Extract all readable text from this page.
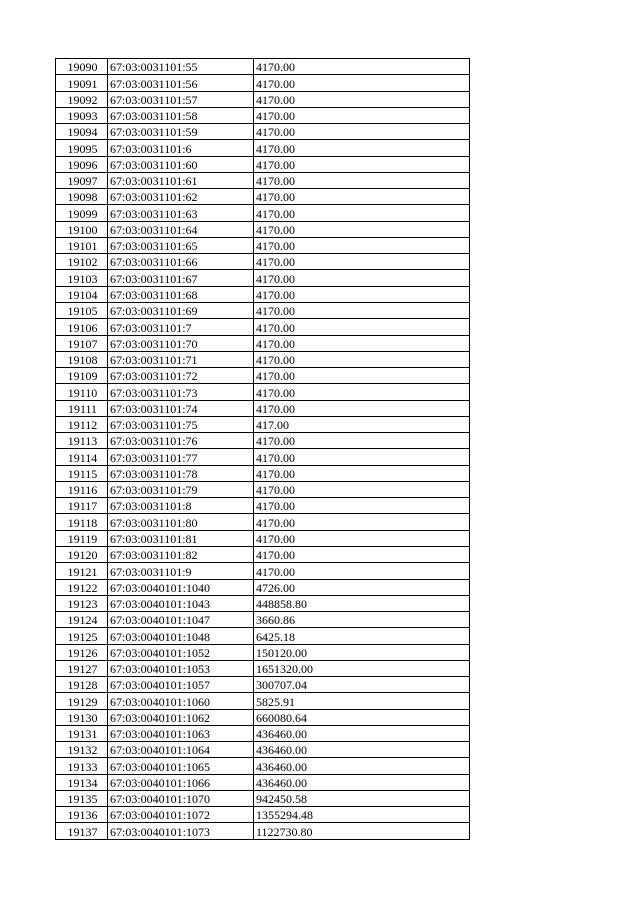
19090	67:03:0031101:55	4170.00
19091	67:03:0031101:56	4170.00
19092	67:03:0031101:57	4170.00
19093	67:03:0031101:58	4170.00
19094	67:03:0031101:59	4170.00
19095	67:03:0031101:6	4170.00
19096	67:03:0031101:60	4170.00
19097	67:03:0031101:61	4170.00
19098	67:03:0031101:62	4170.00
19099	67:03:0031101:63	4170.00
19100	67:03:0031101:64	4170.00
19101	67:03:0031101:65	4170.00
19102	67:03:0031101:66	4170.00
19103	67:03:0031101:67	4170.00
19104	67:03:0031101:68	4170.00
19105	67:03:0031101:69	4170.00
19106	67:03:0031101:7	4170.00
19107	67:03:0031101:70	4170.00
19108	67:03:0031101:71	4170.00
19109	67:03:0031101:72	4170.00
19110	67:03:0031101:73	4170.00
19111	67:03:0031101:74	4170.00
19112	67:03:0031101:75	417.00
19113	67:03:0031101:76	4170.00
19114	67:03:0031101:77	4170.00
19115	67:03:0031101:78	4170.00
19116	67:03:0031101:79	4170.00
19117	67:03:0031101:8	4170.00
19118	67:03:0031101:80	4170.00
19119	67:03:0031101:81	4170.00
19120	67:03:0031101:82	4170.00
19121	67:03:0031101:9	4170.00
19122	67:03:0040101:1040	4726.00
19123	67:03:0040101:1043	448858.80
19124	67:03:0040101:1047	3660.86
19125	67:03:0040101:1048	6425.18
19126	67:03:0040101:1052	150120.00
19127	67:03:0040101:1053	1651320.00
19128	67:03:0040101:1057	300707.04
19129	67:03:0040101:1060	5825.91
19130	67:03:0040101:1062	660080.64
19131	67:03:0040101:1063	436460.00
19132	67:03:0040101:1064	436460.00
19133	67:03:0040101:1065	436460.00
19134	67:03:0040101:1066	436460.00
19135	67:03:0040101:1070	942450.58
19136	67:03:0040101:1072	1355294.48
19137	67:03:0040101:1073	1122730.80
